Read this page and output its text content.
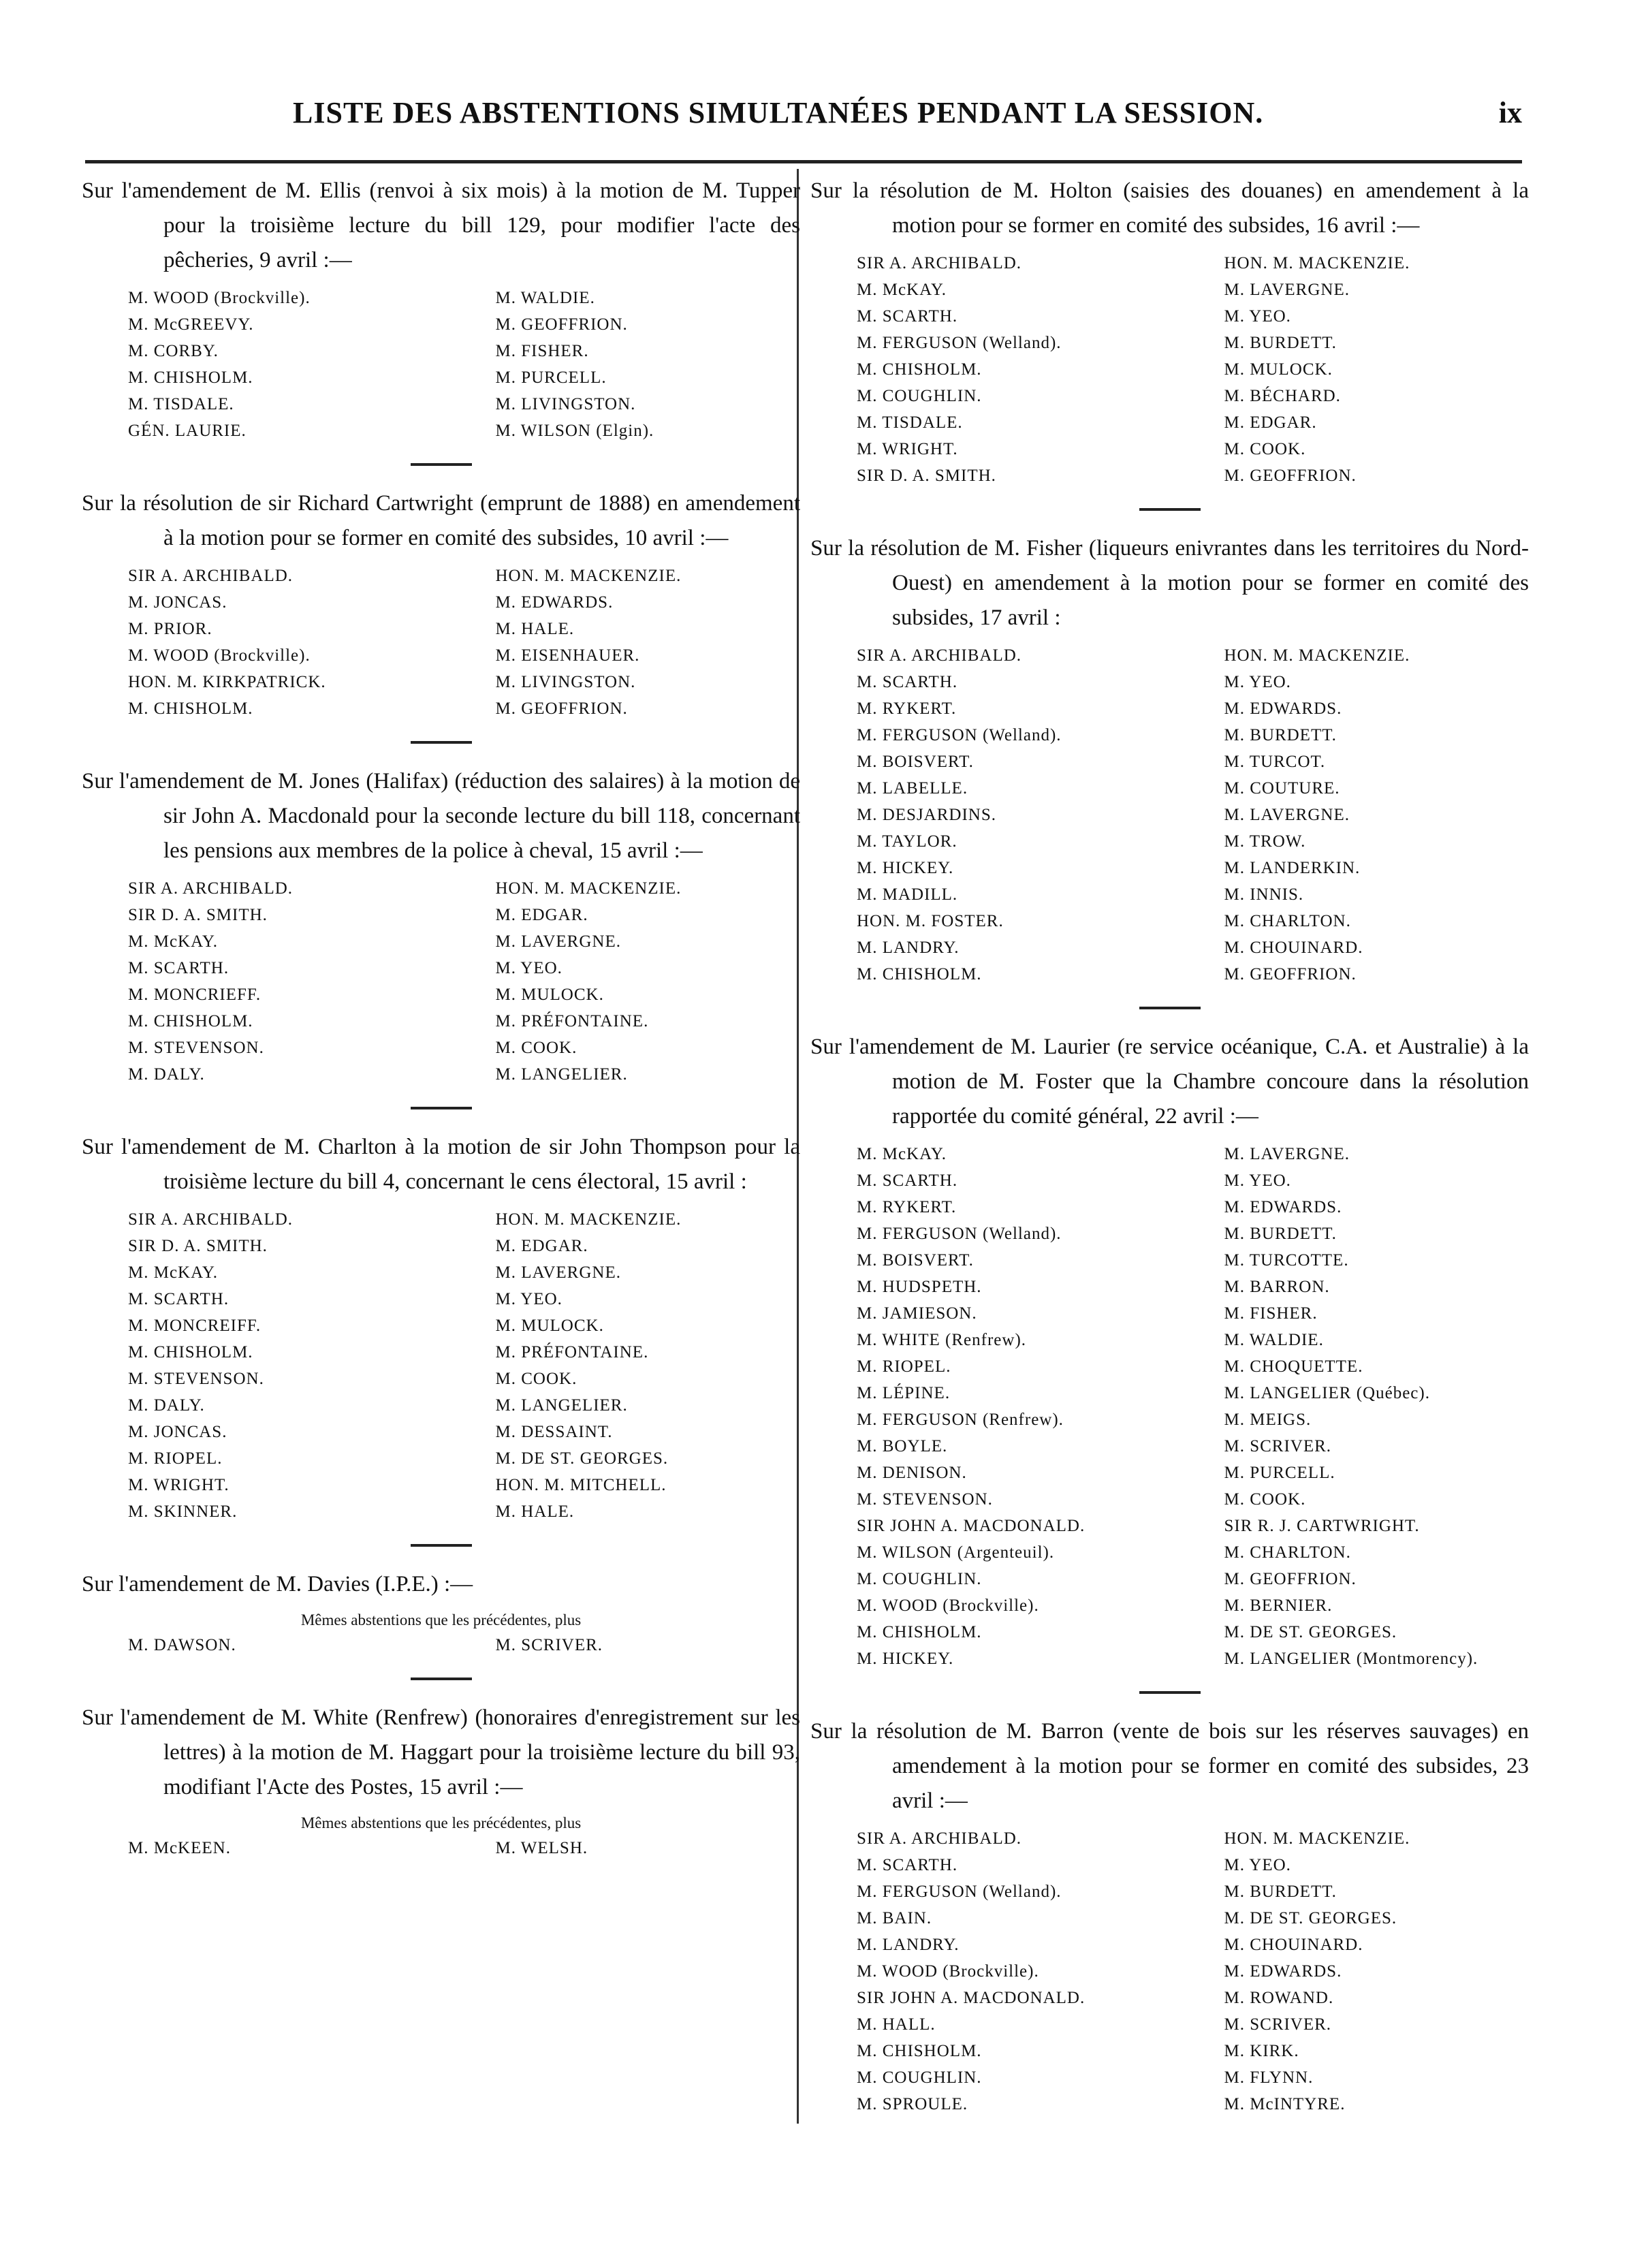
LISTE DES ABSTENTIONS SIMULTANÉES PENDANT LA SESSION.	ix

Sur l'amendement de M. Ellis (renvoi à six mois) à la motion de M. Tupper pour la troisième lecture du bill 129, pour modifier l'acte des pêcheries, 9 avril :—

M. WOOD (Brockville).	M. WALDIE.
M. McGREEVY.	M. GEOFFRION.
M. CORBY.	M. FISHER.
M. CHISHOLM.	M. PURCELL.
M. TISDALE.	M. LIVINGSTON.
GÉN. LAURIE.	M. WILSON (Elgin).

Sur la résolution de sir Richard Cartwright (emprunt de 1888) en amendement à la motion pour se former en comité des subsides, 10 avril :—

SIR A. ARCHIBALD.	HON. M. MACKENZIE.
M. JONCAS.	M. EDWARDS.
M. PRIOR.	M. HALE.
M. WOOD (Brockville).	M. EISENHAUER.
HON. M. KIRKPATRICK.	M. LIVINGSTON.
M. CHISHOLM.	M. GEOFFRION.

Sur l'amendement de M. Jones (Halifax) (réduction des salaires) à la motion de sir John A. Macdonald pour la seconde lecture du bill 118, concernant les pensions aux membres de la police à cheval, 15 avril :—

SIR A. ARCHIBALD.	HON. M. MACKENZIE.
SIR D. A. SMITH.	M. EDGAR.
M. McKAY.	M. LAVERGNE.
M. SCARTH.	M. YEO.
M. MONCRIEFF.	M. MULOCK.
M. CHISHOLM.	M. PRÉFONTAINE.
M. STEVENSON.	M. COOK.
M. DALY.	M. LANGELIER.

Sur l'amendement de M. Charlton à la motion de sir John Thompson pour la troisième lecture du bill 4, concernant le cens électoral, 15 avril :

SIR A. ARCHIBALD.	HON. M. MACKENZIE.
SIR D. A. SMITH.	M. EDGAR.
M. McKAY.	M. LAVERGNE.
M. SCARTH.	M. YEO.
M. MONCREIFF.	M. MULOCK.
M. CHISHOLM.	M. PRÉFONTAINE.
M. STEVENSON.	M. COOK.
M. DALY.	M. LANGELIER.
M. JONCAS.	M. DESSAINT.
M. RIOPEL.	M. DE ST. GEORGES.
M. WRIGHT.	HON. M. MITCHELL.
M. SKINNER.	M. HALE.

Sur l'amendement de M. Davies (I.P.E.) :—

Mêmes abstentions que les précédentes, plus

M. DAWSON.	M. SCRIVER.

Sur l'amendement de M. White (Renfrew) (honoraires d'enregistrement sur les lettres) à la motion de M. Haggart pour la troisième lecture du bill 93, modifiant l'Acte des Postes, 15 avril :—

Mêmes abstentions que les précédentes, plus

M. McKEEN.	M. WELSH.

Sur la résolution de M. Holton (saisies des douanes) en amendement à la motion pour se former en comité des subsides, 16 avril :—

SIR A. ARCHIBALD.	HON. M. MACKENZIE.
M. McKAY.	M. LAVERGNE.
M. SCARTH.	M. YEO.
M. FERGUSON (Welland).	M. BURDETT.
M. CHISHOLM.	M. MULOCK.
M. COUGHLIN.	M. BÉCHARD.
M. TISDALE.	M. EDGAR.
M. WRIGHT.	M. COOK.
SIR D. A. SMITH.	M. GEOFFRION.

Sur la résolution de M. Fisher (liqueurs enivrantes dans les territoires du Nord-Ouest) en amendement à la motion pour se former en comité des subsides, 17 avril :

SIR A. ARCHIBALD.	HON. M. MACKENZIE.
M. SCARTH.	M. YEO.
M. RYKERT.	M. EDWARDS.
M. FERGUSON (Welland).	M. BURDETT.
M. BOISVERT.	M. TURCOT.
M. LABELLE.	M. COUTURE.
M. DESJARDINS.	M. LAVERGNE.
M. TAYLOR.	M. TROW.
M. HICKEY.	M. LANDERKIN.
M. MADILL.	M. INNIS.
HON. M. FOSTER.	M. CHARLTON.
M. LANDRY.	M. CHOUINARD.
M. CHISHOLM.	M. GEOFFRION.

Sur l'amendement de M. Laurier (re service océanique, C.A. et Australie) à la motion de M. Foster que la Chambre concoure dans la résolution rapportée du comité général, 22 avril :—

M. McKAY.	M. LAVERGNE.
M. SCARTH.	M. YEO.
M. RYKERT.	M. EDWARDS.
M. FERGUSON (Welland).	M. BURDETT.
M. BOISVERT.	M. TURCOTTE.
M. HUDSPETH.	M. BARRON.
M. JAMIESON.	M. FISHER.
M. WHITE (Renfrew).	M. WALDIE.
M. RIOPEL.	M. CHOQUETTE.
M. LÉPINE.	M. LANGELIER (Québec).
M. FERGUSON (Renfrew).	M. MEIGS.
M. BOYLE.	M. SCRIVER.
M. DENISON.	M. PURCELL.
M. STEVENSON.	M. COOK.
SIR JOHN A. MACDONALD.	SIR R. J. CARTWRIGHT.
M. WILSON (Argenteuil).	M. CHARLTON.
M. COUGHLIN.	M. GEOFFRION.
M. WOOD (Brockville).	M. BERNIER.
M. CHISHOLM.	M. DE ST. GEORGES.
M. HICKEY.	M. LANGELIER (Montmorency).

Sur la résolution de M. Barron (vente de bois sur les réserves sauvages) en amendement à la motion pour se former en comité des subsides, 23 avril :—

SIR A. ARCHIBALD.	HON. M. MACKENZIE.
M. SCARTH.	M. YEO.
M. FERGUSON (Welland).	M. BURDETT.
M. BAIN.	M. DE ST. GEORGES.
M. LANDRY.	M. CHOUINARD.
M. WOOD (Brockville).	M. EDWARDS.
SIR JOHN A. MACDONALD.	M. ROWAND.
M. HALL.	M. SCRIVER.
M. CHISHOLM.	M. KIRK.
M. COUGHLIN.	M. FLYNN.
M. SPROULE.	M. McINTYRE.
